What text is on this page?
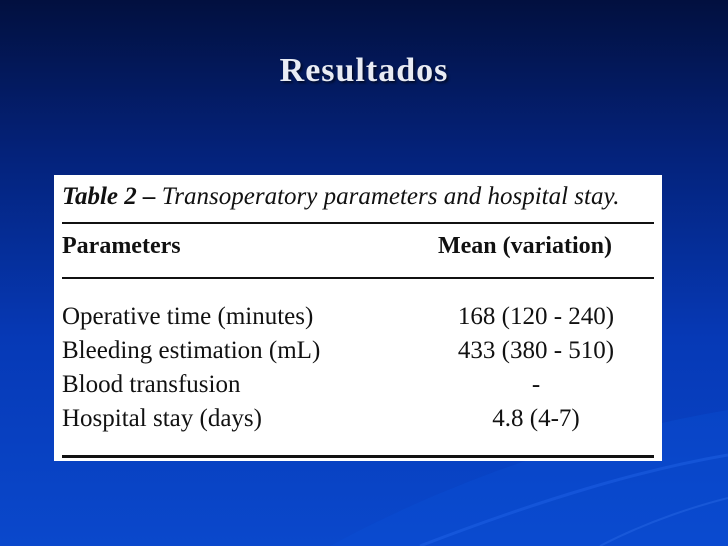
Resultados
Table 2 – Transoperatory parameters and hospital stay.
Parameters	Mean (variation)
Operative time (minutes)	168 (120 - 240)
Bleeding estimation (mL)	433 (380 - 510)
Blood transfusion	-
Hospital stay (days)	4.8 (4-7)
